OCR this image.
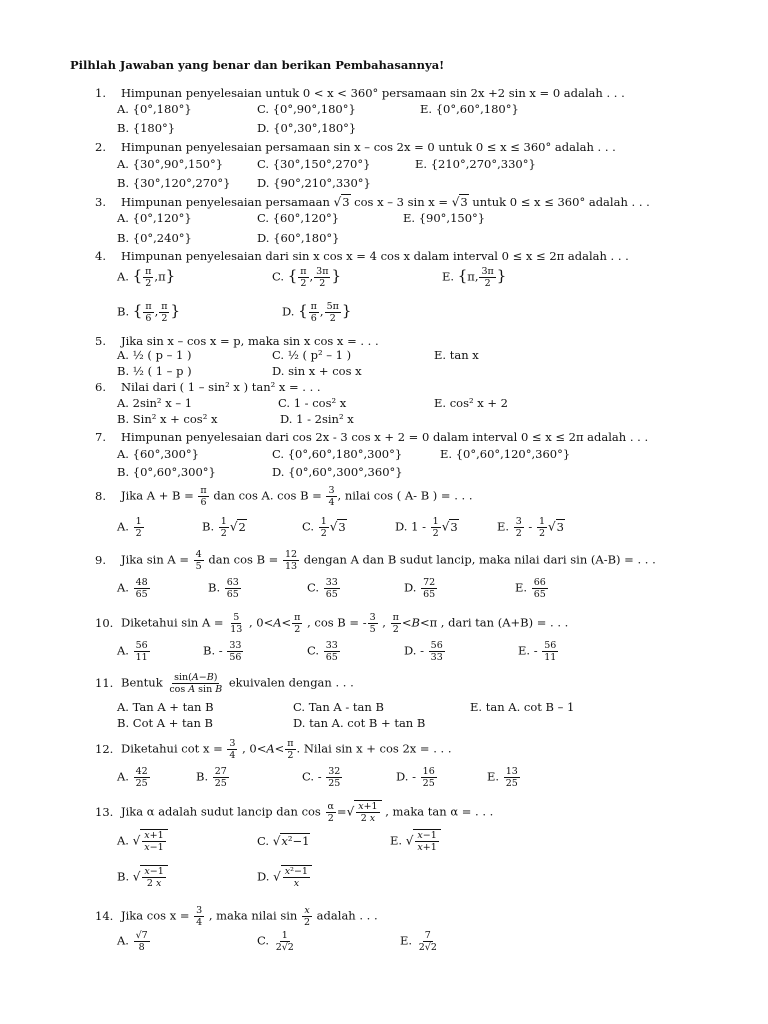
Pilhlah Jawaban yang benar dan berikan Pembahasannya!
1. Himpunan penyelesaian untuk 0 < x < 360° persamaan sin 2x +2 sin x = 0 adalah . . .
A. {0°,180°}	C. {0°,90°,180°}	E. {0°,60°,180°}
B. {180°}	D. {0°,30°,180°}
2. Himpunan penyelesaian persamaan sin x – cos 2x = 0 untuk 0 ≤ x ≤ 360° adalah . . .
A. {30°,90°,150°}	C. {30°,150°,270°}	E. {210°,270°,330°}
B. {30°,120°,270°} D. {90°,210°,330°}
3. Himpunan penyelesaian persamaan √3 cos x – 3 sin x = √3 untuk 0 ≤ x ≤ 360° adalah . . .
A. {0°,120°}	C. {60°,120°}	E. {90°,150°}
B. {0°,240°}	D. {60°,180°}
4. Himpunan penyelesaian dari sin x cos x = 4 cos x dalam interval 0 ≤ x ≤ 2π adalah . . .
A. { $\frac{\pi}{2} ,\pi$}	C. { $\frac{\pi}{2}$ , $\frac{3\pi}{2}$ }	E. {π, $\frac{3\pi}{2}$ }
B. { $\frac{\pi}{6}$ , $\frac{\pi}{2}$ }	D. { $\frac{\pi}{6}$ , $\frac{5\pi}{2}$ }
5. Jika sin x – cos x = p, maka sin x cos x = . . .
A. ½ ( p – 1 )	C. ½ ( p² – 1 )	E. tan x
B. ½ ( 1 – p )	D. sin x + cos x
6. Nilai dari ( 1 – sin² x ) tan² x = . . .
A. 2sin² x – 1	C. 1 - cos² x	E. cos² x + 2
B. Sin² x + cos² x	D. 1 - 2sin² x
7. Himpunan penyelesaian dari cos 2x - 3 cos x + 2 = 0 dalam interval 0 ≤ x ≤ 2π adalah . . .
A. {60°,300°}	C. {0°,60°,180°,300°}	E. {0°,60°,120°,360°}
B. {0°,60°,300°}	D. {0°,60°,300°,360°}
8. Jika $A + B = \frac{\pi}{6}$ dan cos A. $\cos B = \frac{3}{4}$ , nilai cos ( A- B ) = . . .
A. $\frac{1}{2}$	B. $\frac{1}{2} √2$	C. $\frac{1}{2} √3$	D. $1 - \frac{1}{2} √3$	E. $\frac{3}{2} - \frac{1}{2} √3$
9. Jika $\sin A = \frac{4}{5}$ dan $\cos B = \frac{12}{13}$ dengan A dan B sudut lancip, maka nilai dari sin (A-B) = . . .
A. $\frac{48}{65}$	B. $\frac{63}{65}$	C. $\frac{33}{65}$	D. $\frac{72}{65}$	E. $\frac{66}{65}$
10. Diketahui $\sin A = \frac{5}{13}$ , $0<A< \frac{\pi}{2}$ , cos B = - $\frac{3}{5}$ , $\frac{\pi}{2} <B<\pi$ , dari tan (A+B) = . . .
A. $\frac{56}{11}$	B. - $\frac{33}{56}$	C. $\frac{33}{65}$	D. - $\frac{56}{33}$	E. - $\frac{56}{11}$
11. Bentuk $\frac{\sin(A-B)}{\text{cos A sin B}}$ ekuivalen dengan . . .
A. Tan A + tan B	C. Tan A - tan B	E. tan A. cot B – 1
B. Cot A + tan B	D. tan A. cot B + tan B
12. Diketahui $\cot x = \frac{3}{4}$ , $0<A< \frac{\pi}{2}$ . Nilai sin x + cos 2x = . . .
A. $\frac{42}{25}$	B. $\frac{27}{25}$	C. - $\frac{32}{25}$	D. - $\frac{16}{25}$	E. $\frac{13}{25}$
13. Jika α adalah sudut lancip dan $\cos \frac{\alpha}{2}$ =√ $\frac{x+1}{2 x}$ , maka tan α = . . .
A. √ $\frac{x+1}{x-1}$	C. √x²−1	E. √ $\frac{x-1}{x+1}$
B. √ $\frac{x-1}{2 x}$	D. √ $\frac{\text{x²−1}}{x}$
14. Jika $\cos x = \frac{3}{4}$ , maka nilai $\sin \frac{x}{2}$ adalah . . .
A. $\frac{√7}{8}$	C. $\frac{1}{2√2}$	E. $\frac{7}{2√2}$
